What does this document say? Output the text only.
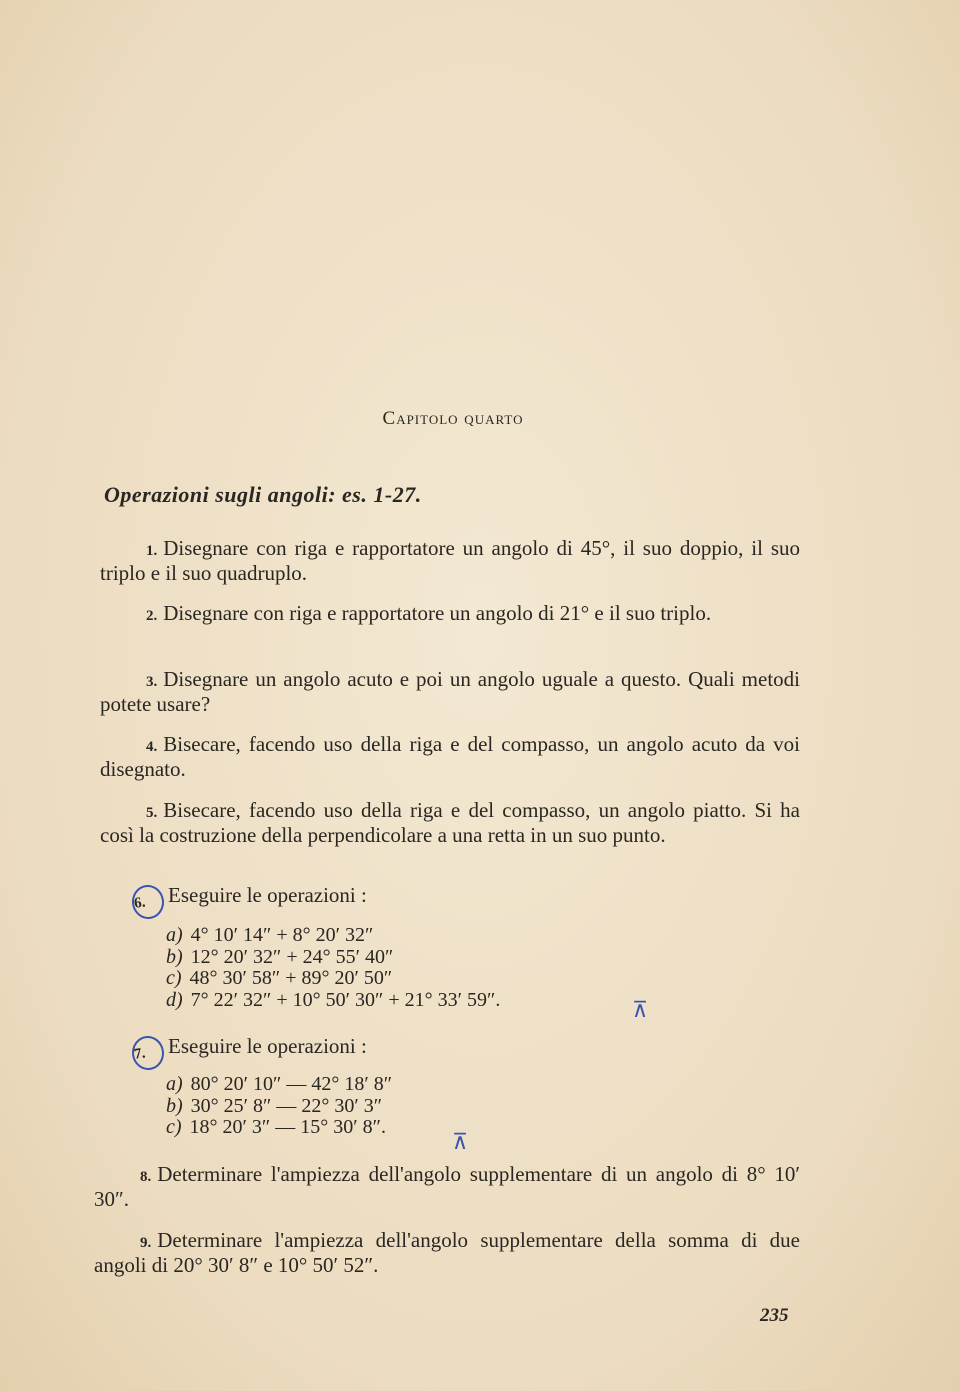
Capitolo quarto
Operazioni sugli angoli: es. 1-27.
1. Disegnare con riga e rapportatore un angolo di 45°, il suo doppio, il suo triplo e il suo quadruplo.
2. Disegnare con riga e rapportatore un angolo di 21° e il suo triplo.
3. Disegnare un angolo acuto e poi un angolo uguale a questo. Quali metodi potete usare?
4. Bisecare, facendo uso della riga e del compasso, un angolo acuto da voi disegnato.
5. Bisecare, facendo uso della riga e del compasso, un angolo piatto. Si ha così la costruzione della perpendicolare a una retta in un suo punto.
6. Eseguire le operazioni :
a) 4° 10′ 14″ + 8° 20′ 32″
b) 12° 20′ 32″ + 24° 55′ 40″
c) 48° 30′ 58″ + 89° 20′ 50″
d) 7° 22′ 32″ + 10° 50′ 30″ + 21° 33′ 59″.	⊼
7. Eseguire le operazioni :
a) 80° 20′ 10″ — 42° 18′ 8″
b) 30° 25′ 8″ — 22° 30′ 3″
c) 18° 20′ 3″ — 15° 30′ 8″.
⊼
8. Determinare l'ampiezza dell'angolo supplementare di un angolo di 8° 10′ 30″.
9. Determinare l'ampiezza dell'angolo supplementare della somma di due angoli di 20° 30′ 8″ e 10° 50′ 52″.
235
